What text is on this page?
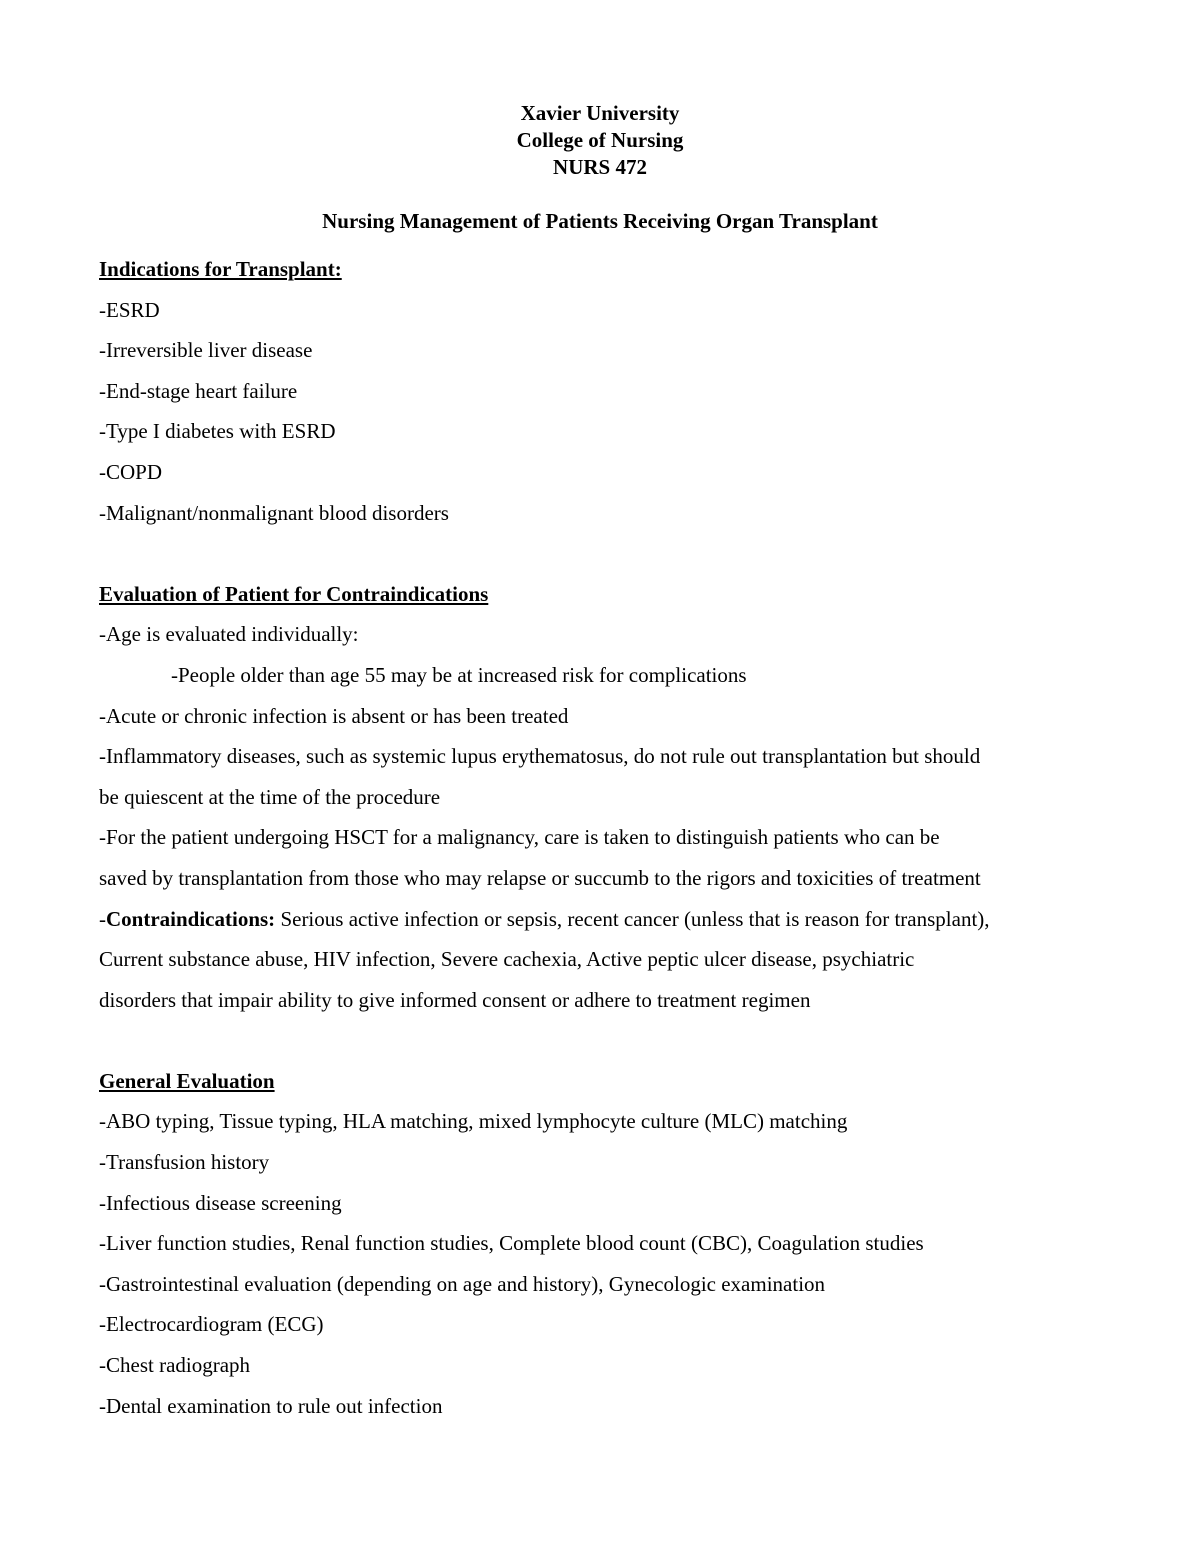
Xavier University
College of Nursing
NURS 472
Nursing Management of Patients Receiving Organ Transplant
Indications for Transplant:
-ESRD
-Irreversible liver disease
-End-stage heart failure
-Type I diabetes with ESRD
-COPD
-Malignant/nonmalignant blood disorders
Evaluation of Patient for Contraindications
-Age is evaluated individually:
-People older than age 55 may be at increased risk for complications
-Acute or chronic infection is absent or has been treated
-Inflammatory diseases, such as systemic lupus erythematosus, do not rule out transplantation but should
be quiescent at the time of the procedure
-For the patient undergoing HSCT for a malignancy, care is taken to distinguish patients who can be
saved by transplantation from those who may relapse or succumb to the rigors and toxicities of treatment
-Contraindications: Serious active infection or sepsis, recent cancer (unless that is reason for transplant),
Current substance abuse, HIV infection, Severe cachexia, Active peptic ulcer disease, psychiatric
disorders that impair ability to give informed consent or adhere to treatment regimen
General Evaluation
-ABO typing, Tissue typing, HLA matching, mixed lymphocyte culture (MLC) matching
-Transfusion history
-Infectious disease screening
-Liver function studies, Renal function studies, Complete blood count (CBC), Coagulation studies
-Gastrointestinal evaluation (depending on age and history), Gynecologic examination
-Electrocardiogram (ECG)
-Chest radiograph
-Dental examination to rule out infection
